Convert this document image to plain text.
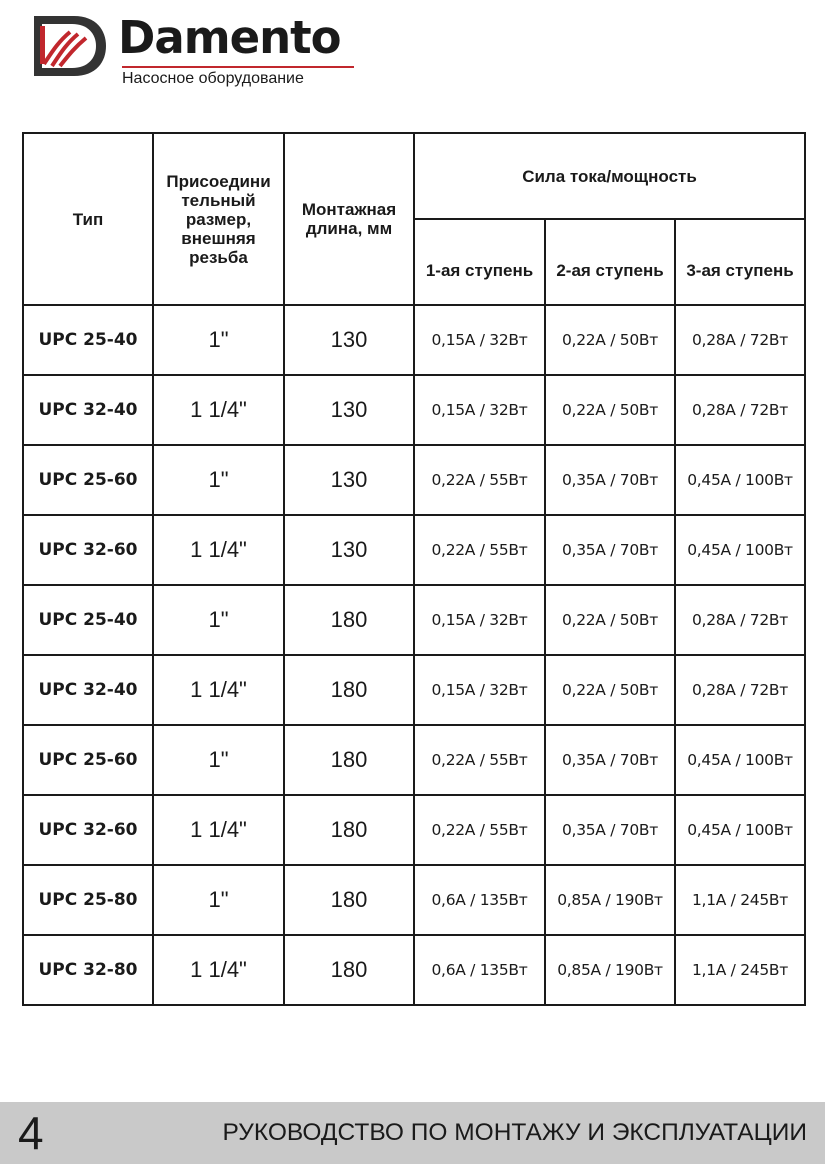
Damento
Насосное оборудование
Тип	Присоедини тельный размер, внешняя резьба	Монтажная длина, мм	Сила тока/мощность		
			1-ая ступень	2-ая ступень	3-ая ступень
UPC 25-40	1"	130	0,15А / 32Вт	0,22А / 50Вт	0,28А / 72Вт
UPC 32-40	1 1/4"	130	0,15А / 32Вт	0,22А / 50Вт	0,28А / 72Вт
UPC 25-60	1"	130	0,22А / 55Вт	0,35А / 70Вт	0,45А / 100Вт
UPC 32-60	1 1/4"	130	0,22А / 55Вт	0,35А / 70Вт	0,45А / 100Вт
UPC 25-40	1"	180	0,15А / 32Вт	0,22А / 50Вт	0,28А / 72Вт
UPC 32-40	1 1/4"	180	0,15А / 32Вт	0,22А / 50Вт	0,28А / 72Вт
UPC 25-60	1"	180	0,22А / 55Вт	0,35А / 70Вт	0,45А / 100Вт
UPC 32-60	1 1/4"	180	0,22А / 55Вт	0,35А / 70Вт	0,45А / 100Вт
UPC 25-80	1"	180	0,6А / 135Вт	0,85А / 190Вт	1,1А / 245Вт
UPC 32-80	1 1/4"	180	0,6А / 135Вт	0,85А / 190Вт	1,1А / 245Вт
4	РУКОВОДСТВО ПО МОНТАЖУ И ЭКСПЛУАТАЦИИ
